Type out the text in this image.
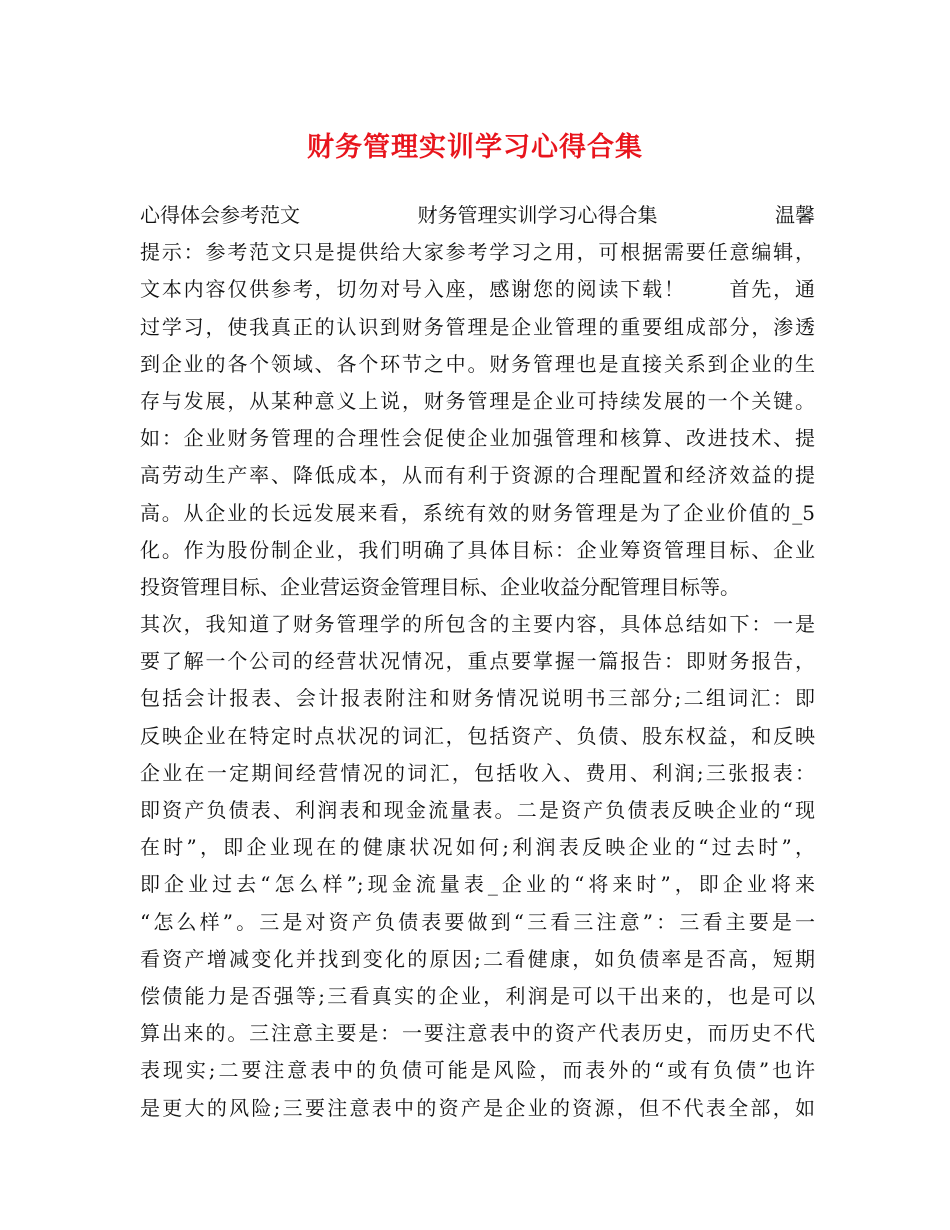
财务管理实训学习心得合集
心得体会参考范文	财务管理实训学习心得合集	温馨
提示：参考范文只是提供给大家参考学习之用，可根据需要任意编辑，
文本内容仅供参考，切勿对号入座，感谢您的阅读下载！　　首先，通
过学习，使我真正的认识到财务管理是企业管理的重要组成部分，渗透
到企业的各个领域、各个环节之中。财务管理也是直接关系到企业的生
存与发展，从某种意义上说，财务管理是企业可持续发展的一个关键。
如：企业财务管理的合理性会促使企业加强管理和核算、改进技术、提
高劳动生产率、降低成本，从而有利于资源的合理配置和经济效益的提
高。从企业的长远发展来看，系统有效的财务管理是为了企业价值的_5
化。作为股份制企业，我们明确了具体目标：企业筹资管理目标、企业
投资管理目标、企业营运资金管理目标、企业收益分配管理目标等。
其次，我知道了财务管理学的所包含的主要内容，具体总结如下：一是
要了解一个公司的经营状况情况，重点要掌握一篇报告：即财务报告，
包括会计报表、会计报表附注和财务情况说明书三部分;二组词汇：即
反映企业在特定时点状况的词汇，包括资产、负债、股东权益，和反映
企业在一定期间经营情况的词汇，包括收入、费用、利润;三张报表：
即资产负债表、利润表和现金流量表。二是资产负债表反映企业的“现
在时”，即企业现在的健康状况如何;利润表反映企业的“过去时”，
即企业过去“怎么样”;现金流量表_企业的“将来时”，即企业将来
“怎么样”。三是对资产负债表要做到“三看三注意”：三看主要是一
看资产增减变化并找到变化的原因;二看健康，如负债率是否高，短期
偿债能力是否强等;三看真实的企业，利润是可以干出来的，也是可以
算出来的。三注意主要是：一要注意表中的资产代表历史，而历史不代
表现实;二要注意表中的负债可能是风险，而表外的“或有负债”也许
是更大的风险;三要注意表中的资产是企业的资源，但不代表全部，如
